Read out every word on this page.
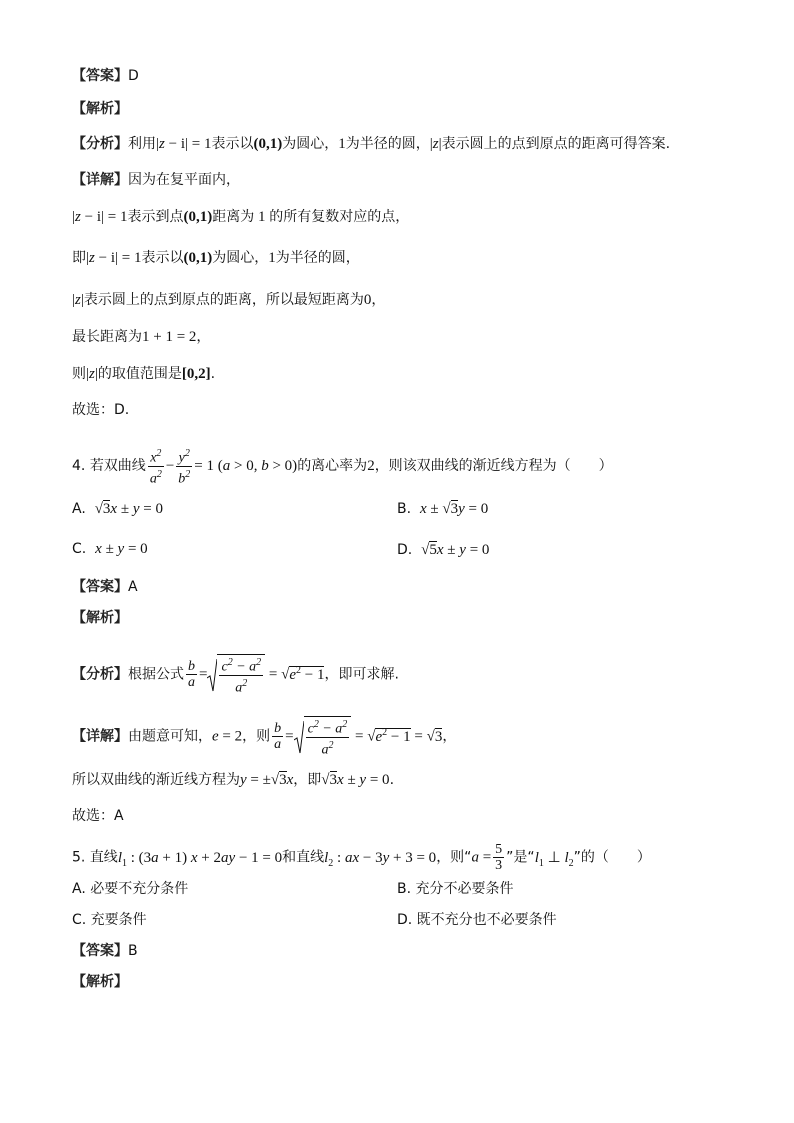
【答案】D
【解析】
【分析】利用|z − i| = 1表示以(0,1)为圆心，1为半径的圆，|z|表示圆上的点到原点的距离可得答案.
【详解】因为在复平面内，
|z − i| = 1表示到点(0,1)距离为 1 的所有复数对应的点，
即|z − i| = 1表示以(0,1)为圆心，1为半径的圆，
|z|表示圆上的点到原点的距离，所以最短距离为0，
最长距离为1 + 1 = 2，
则|z|的取值范围是[0,2].
故选：D.
4. 若双曲线 $\frac{x^2}{a^2} - \frac{y^2}{b^2} = 1$ (a > 0, b > 0)的离心率为2，则该双曲线的渐近线方程为（　　）
A. √3x ± y = 0	B. x ± √3y = 0
C. x ± y = 0	D. √5x ± y = 0
【答案】A
【解析】
【分析】根据公式 $\frac{b}{a} = \frac{c^2 - a^2}{a^2} = √e^2 - 1$，即可求解.
【详解】由题意可知，e = 2，则 $\frac{b}{a} = \frac{c^2 - a^2}{a^2} = √e^2 - 1 = √3$，
所以双曲线的渐近线方程为y = ±√3x，即√3x ± y = 0.
故选：A
5. 直线$l_1$ : (3a + 1) x + 2ay − 1 = 0和直线$l_2$ : ax − 3y + 3 = 0，则“$a = \frac{5}{3}$ ”是“$l_1$ ⊥ $l_2$”的（　　）
A. 必要不充分条件	B. 充分不必要条件
C. 充要条件	D. 既不充分也不必要条件
【答案】B
【解析】
